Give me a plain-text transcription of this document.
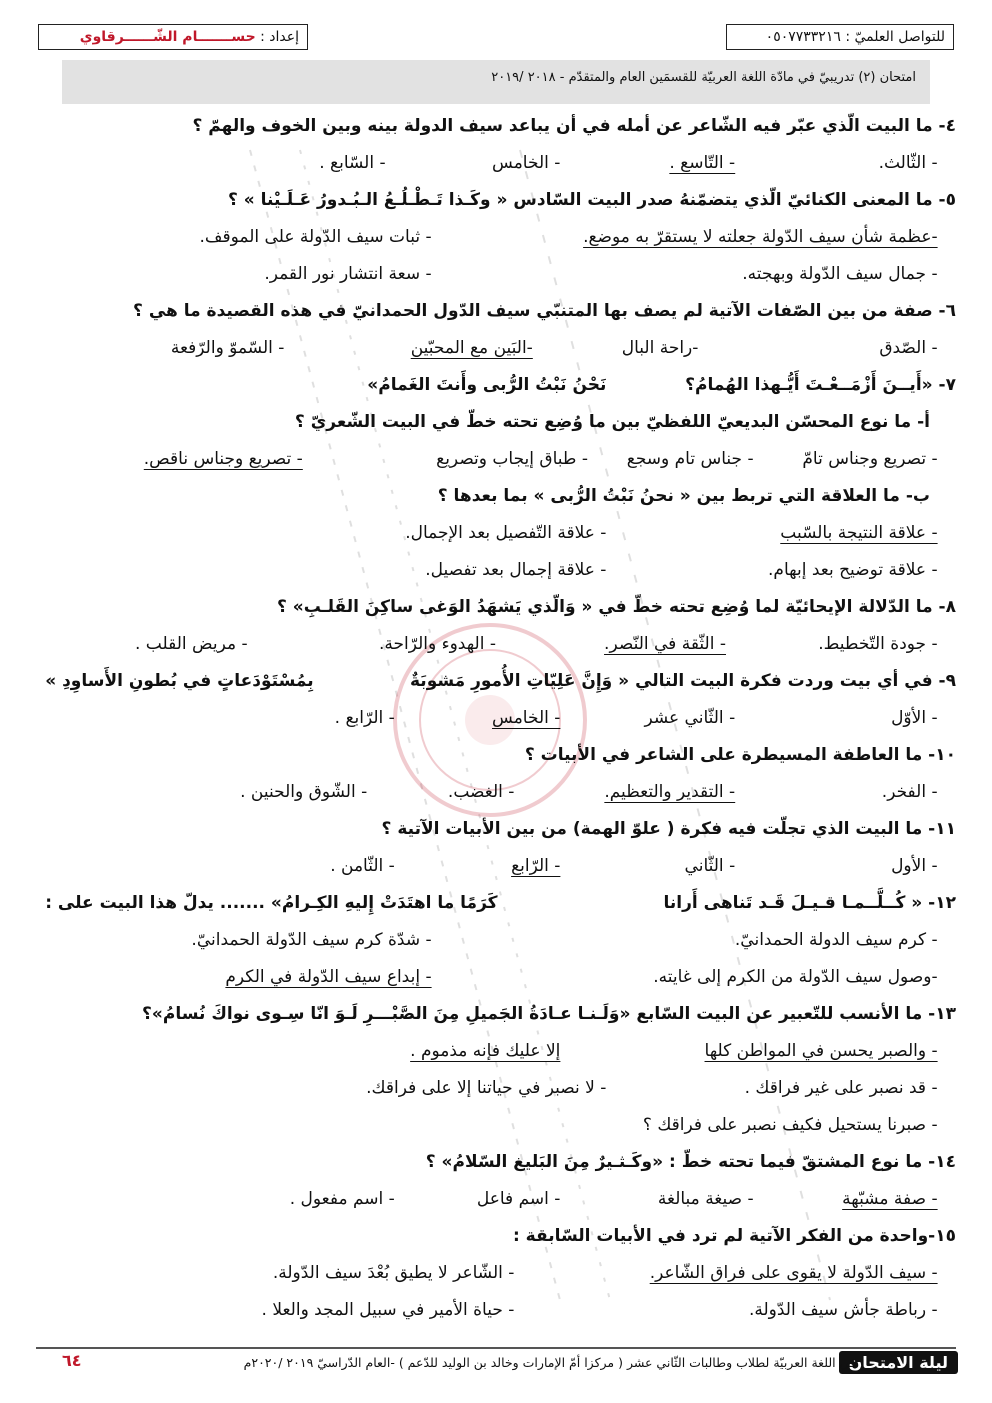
للتواصل العلميّ : ٠٥٠٧٧٣٣٢١٦
إعداد : حســـــــام الشّــــــرقاوي
امتحان (٢) تدريبيّ في مادّة اللغة العربيّة للقسمَين العام والمتقدّم - ٢٠١٨ /٢٠١٩
٤- ما البيت الّذي عبّر فيه الشّاعر عن أمله في أن يباعد سيف الدولة بينه وبين الخوف والهمّ ؟
- الثّالث.
- التّاسع .
- الخامس
- السّابع .
٥- ما المعنى الكنائيّ الّذي يتضمّنهُ صدر البيت السّادس « وكَـذا تَـطْـلُـعُ الـبُـدورُ عَـلَـيْنا » ؟
-عظمة شأن سيف الدّولة جعلته لا يستقرّ به موضع.
- ثبات سيف الدّولة على الموقف.
- جمال سيف الدّولة وبهجته.
- سعة انتشار نور القمر.
٦- صفة من بين الصّفات الآتية لم يصف بها المتنبّي سيف الدّول الحمدانيّ في هذه القصيدة ما هي ؟
- الصّدق
-راحة البال
-البَين مع المحبّين
- السّموّ والرّفعة
٧- «أَيــنَ أَزْمَــعْـتَ أَيُّـهذا الهُمامُ؟
نَحْنُ نَبْتُ الرُّبى وأَنتَ الغَمامُ»
أ- ما نوع المحسّن البديعيّ اللفظيّ بين ما وُضِع تحته خطّ في البيت الشّعريّ ؟
- تصريع وجناس تامّ
- جناس تام وسجع
- طباق إيجاب وتصريع
- تصريع وجناس ناقص.
ب- ما العلاقة التي تربط بين « نحنُ نَبْتُ الرُّبى » بما بعدها ؟
- علاقة النتيجة بالسّبب
- علاقة التّفصيل بعد الإجمال.
- علاقة توضيح بعد إبهام.
- علاقة إجمال بعد تفصيل.
٨- ما الدّلالة الإيحائيّة لما وُضِع تحته خطّ في « وَالّذي يَشهَدُ الوَغى ساكِنَ القَلـبِ» ؟
- جودة التّخطيط.
- الثّقة في النّصر.
- الهدوء والرّاحة.
- مريض القلب .
٩- في أي بيت وردت فكرة البيت التالي « وَإِنَّ عَلِيّاتِ الأُمورِ مَشوبَةٌ
بِمُسْتَوْدَعاتٍ في بُطونِ الأَساوِدِ »
- الأوّل
- الثّاني عشر
- الخامس
- الرّابع .
١٠- ما العاطفة المسيطرة على الشاعر في الأبيات ؟
- الفخر.
- التقدير والتعظيم.
- الغضب.
- الشّوق والحنين .
١١- ما البيت الذي تجلّت فيه فكرة ( علوّ الهمة) من بين الأبيات الآتية ؟
- الأول
- الثّاني
- الرّابع
- الثّامن .
١٢- « كُــلَّــمـا قـيـلَ قَـد تَناهى أَرانا
كَرَمًا ما اهتَدَتْ إِليهِ الكِـرامُ» ....... يدلّ هذا البيت على :
- كرم سيف الدولة الحمدانيّ.
- شدّة كرم سيف الدّولة الحمدانيّ.
-وصول سيف الدّولة من الكرم إلى غايته.
- إبداع سيف الدّولة في الكرم
١٣- ما الأنسب للتّعبير عن البيت السّابع «وَلَـنـا عـادَةُ الجَميلِ مِنَ الصَّبْـــرِ لَـوَ انّا سِـوى نواكَ نُسامُ»؟
- والصبر يحسن في المواطن كلها
إلا عليك فإنه مذموم .
- قد نصبر على غير فراقك .
- لا نصبر في حياتنا إلا على فراقك.
- صبرنا يستحيل فكيف نصبر على فراقك ؟
١٤- ما نوع المشتقّ فيما تحته خطّ : «وكَـثـيرٌ مِنَ البَليغ السّلامُ» ؟
- صفة مشبّهة
- صيغة مبالغة
- اسم فاعل
- اسم مفعول .
١٥-واحدة من الفكر الآتية لم ترد في الأبيات السّابقة :
- سيف الدّولة لا يقوى على فراق الشّاعر.
- الشّاعر لا يطيق بُعْدَ سيف الدّولة.
- رباطة جأش سيف الدّولة.
- حياة الأمير في سبيل المجد والعلا .
ليلة الامتحان
في اللغة العربيّة لطلاب وطالبات الثّاني عشر ( مركزا أمّ الإمارات وخالد بن الوليد للدّعم ) -العام الدّراسيّ ٢٠١٩ /٢٠٢٠م
٦٤
